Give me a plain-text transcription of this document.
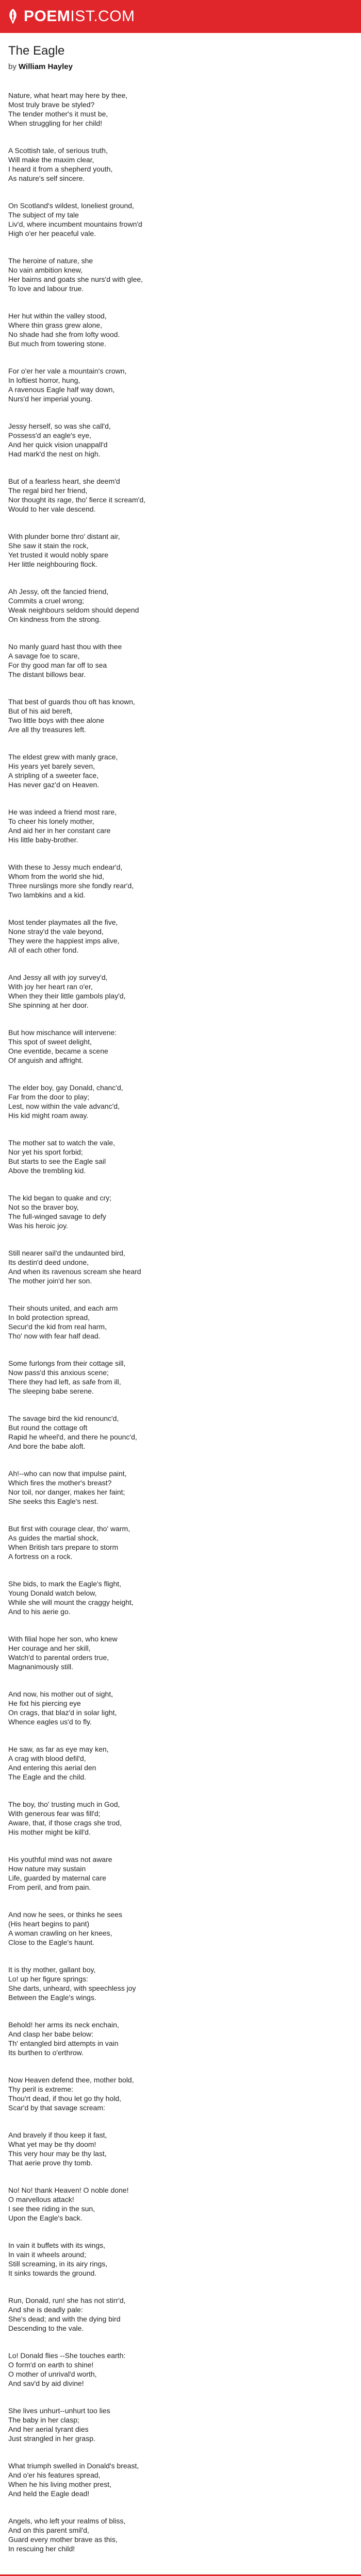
POEMIST.COM
The Eagle
by William Hayley
Nature, what heart may here by thee,
Most truly brave be styled?
The tender mother's it must be,
When struggling for her child!
A Scottish tale, of serious truth,
Will make the maxim clear,
I heard it from a shepherd youth,
As nature's self sincere.
On Scotland's wildest, loneliest ground,
The subject of my tale
Liv'd, where incumbent mountains frown'd
High o'er her peaceful vale.
The heroine of nature, she
No vain ambition knew,
Her bairns and goats she nurs'd with glee,
To love and labour true.
Her hut within the valley stood,
Where thin grass grew alone,
No shade had she from lofty wood.
But much from towering stone.
For o'er her vale a mountain's crown,
In loftiest horror, hung,
A ravenous Eagle half way down,
Nurs'd her imperial young.
Jessy herself, so was she call'd,
Possess'd an eagle's eye,
And her quick vision unappall'd
Had mark'd the nest on high.
But of a fearless heart, she deem'd
The regal bird her friend,
Nor thought its rage, tho' fierce it scream'd,
Would to her vale descend.
With plunder borne thro' distant air,
She saw it stain the rock,
Yet trusted it would nobly spare
Her little neighbouring flock.
Ah Jessy, oft the fancied friend,
Commits a cruel wrong;
Weak neighbours seldom should depend
On kindness from the strong.
No manly guard hast thou with thee
A savage foe to scare,
For thy good man far off to sea
The distant billows bear.
That best of guards thou oft has known,
But of his aid bereft,
Two little boys with thee alone
Are all thy treasures left.
The eldest grew with manly grace,
His years yet barely seven,
A stripling of a sweeter face,
Has never gaz'd on Heaven.
He was indeed a friend most rare,
To cheer his lonely mother,
And aid her in her constant care
His little baby-brother.
With these to Jessy much endear'd,
Whom from the world she hid,
Three nurslings more she fondly rear'd,
Two lambkins and a kid.
Most tender playmates all the five,
None stray'd the vale beyond,
They were the happiest imps alive,
All of each other fond.
And Jessy all with joy survey'd,
With joy her heart ran o'er,
When they their little gambols play'd,
She spinning at her door.
But how mischance will intervene:
This spot of sweet delight,
One eventide, became a scene
Of anguish and affright.
The elder boy, gay Donald, chanc'd,
Far from the door to play;
Lest, now within the vale advanc'd,
His kid might roam away.
The mother sat to watch the vale,
Nor yet his sport forbid;
But starts to see the Eagle sail
Above the trembling kid.
The kid began to quake and cry;
Not so the braver boy,
The full-winged savage to defy
Was his heroic joy.
Still nearer sail'd the undaunted bird,
Its destin'd deed undone,
And when its ravenous scream she heard
The mother join'd her son.
Their shouts united, and each arm
In bold protection spread,
Secur'd the kid from real harm,
Tho' now with fear half dead.
Some furlongs from their cottage sill,
Now pass'd this anxious scene;
There they had left, as safe from ill,
The sleeping babe serene.
The savage bird the kid renounc'd,
But round the cottage oft
Rapid he wheel'd, and there he pounc'd,
And bore the babe aloft.
Ah!--who can now that impulse paint,
Which fires the mother's breast?
Nor toil, nor danger, makes her faint;
She seeks this Eagle's nest.
But first with courage clear, tho' warm,
As guides the martial shock,
When British tars prepare to storm
A fortress on a rock.
She bids, to mark the Eagle's flight,
Young Donald watch below,
While she will mount the craggy height,
And to his aerie go.
With filial hope her son, who knew
Her courage and her skill,
Watch'd to parental orders true,
Magnanimously still.
And now, his mother out of sight,
He fixt his piercing eye
On crags, that blaz'd in solar light,
Whence eagles us'd to fly.
He saw, as far as eye may ken,
A crag with blood defil'd,
And entering this aerial den
The Eagle and the child.
The boy, tho' trusting much in God,
With generous fear was fill'd;
Aware, that, if those crags she trod,
His mother might be kill'd.
His youthful mind was not aware
How nature may sustain
Life, guarded by maternal care
From peril, and from pain.
And now he sees, or thinks he sees
(His heart begins to pant)
A woman crawling on her knees,
Close to the Eagle's haunt.
It is thy mother, gallant boy,
Lo! up her figure springs:
She darts, unheard, with speechless joy
Between the Eagle's wings.
Behold! her arms its neck enchain,
And clasp her babe below:
Th' entangled bird attempts in vain
Its burthen to o'erthrow.
Now Heaven defend thee, mother bold,
Thy peril is extreme:
Thou'rt dead, if thou let go thy hold,
Scar'd by that savage scream:
And bravely if thou keep it fast,
What yet may be thy doom!
This very hour may be thy last,
That aerie prove thy tomb.
No! No! thank Heaven! O noble done!
O marvellous attack!
I see thee riding in the sun,
Upon the Eagle's back.
In vain it buffets with its wings,
In vain it wheels around;
Still screaming, in its airy rings,
It sinks towards the ground.
Run, Donald, run! she has not stirr'd,
And she is deadly pale:
She's dead; and with the dying bird
Descending to the vale.
Lo! Donald flies --She touches earth:
O form'd on earth to shine!
O mother of unrival'd worth,
And sav'd by aid divine!
She lives unhurt--unhurt too lies
The baby in her clasp;
And her aerial tyrant dies
Just strangled in her grasp.
What triumph swelled in Donald's breast,
And o'er his features spread,
When he his living mother prest,
And held the Eagle dead!
Angels, who left your realms of bliss,
And on this parent smil'd,
Guard every mother brave as this,
In rescuing her child!
